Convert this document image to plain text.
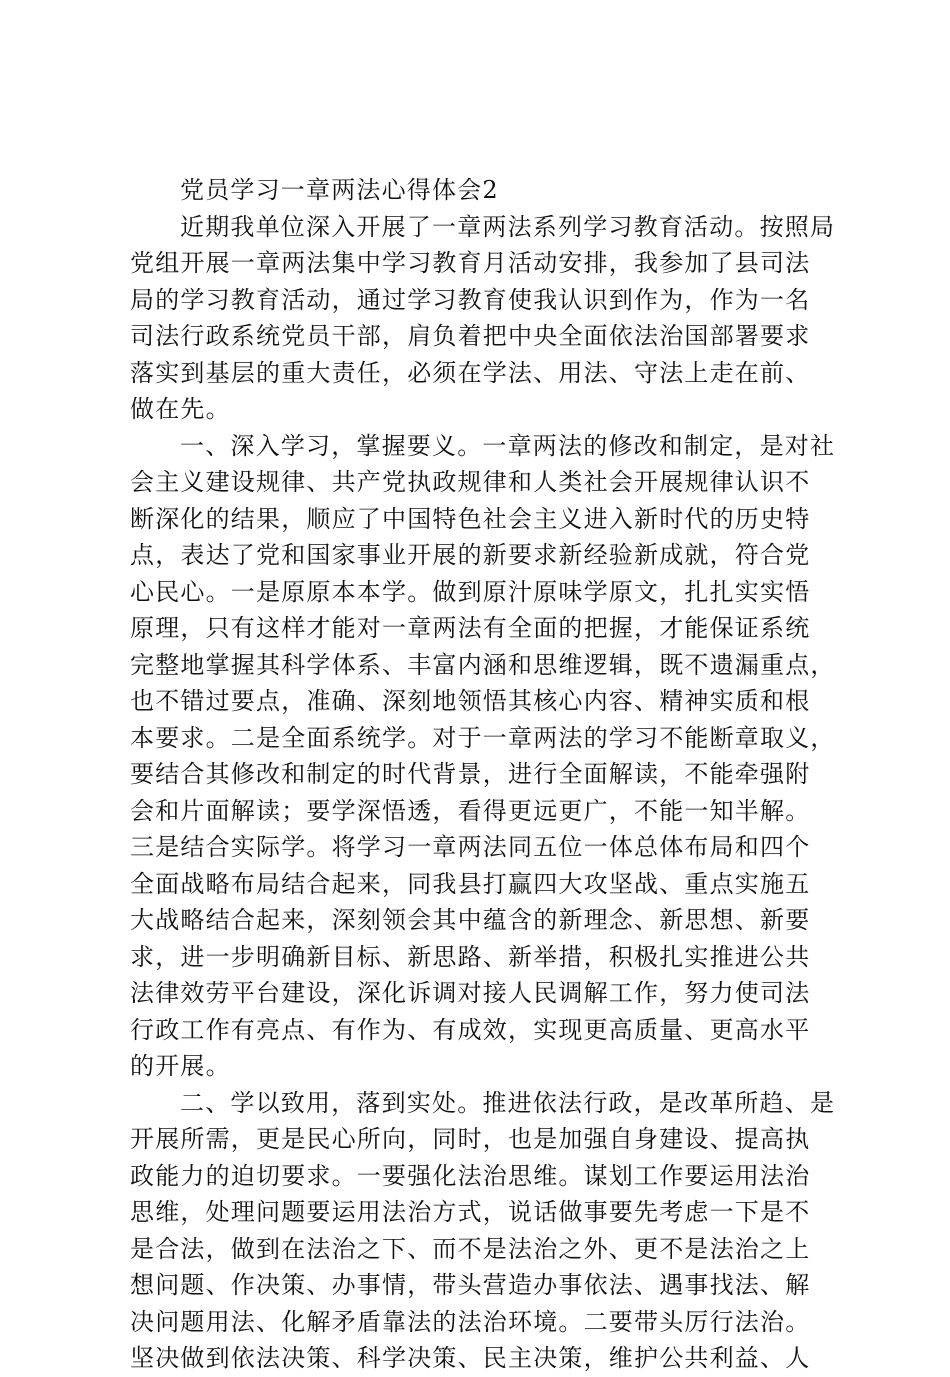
党员学习一章两法心得体会2
近期我单位深入开展了一章两法系列学习教育活动。按照局
党组开展一章两法集中学习教育月活动安排，我参加了县司法
局的学习教育活动，通过学习教育使我认识到作为，作为一名
司法行政系统党员干部，肩负着把中央全面依法治国部署要求
落实到基层的重大责任，必须在学法、用法、守法上走在前、
做在先。
一、深入学习，掌握要义。一章两法的修改和制定，是对社
会主义建设规律、共产党执政规律和人类社会开展规律认识不
断深化的结果，顺应了中国特色社会主义进入新时代的历史特
点，表达了党和国家事业开展的新要求新经验新成就，符合党
心民心。一是原原本本学。做到原汁原味学原文，扎扎实实悟
原理，只有这样才能对一章两法有全面的把握，才能保证系统
完整地掌握其科学体系、丰富内涵和思维逻辑，既不遗漏重点，
也不错过要点，准确、深刻地领悟其核心内容、精神实质和根
本要求。二是全面系统学。对于一章两法的学习不能断章取义，
要结合其修改和制定的时代背景，进行全面解读，不能牵强附
会和片面解读；要学深悟透，看得更远更广，不能一知半解。
三是结合实际学。将学习一章两法同五位一体总体布局和四个
全面战略布局结合起来，同我县打赢四大攻坚战、重点实施五
大战略结合起来，深刻领会其中蕴含的新理念、新思想、新要
求，进一步明确新目标、新思路、新举措，积极扎实推进公共
法律效劳平台建设，深化诉调对接人民调解工作，努力使司法
行政工作有亮点、有作为、有成效，实现更高质量、更高水平
的开展。
二、学以致用，落到实处。推进依法行政，是改革所趋、是
开展所需，更是民心所向，同时，也是加强自身建设、提高执
政能力的迫切要求。一要强化法治思维。谋划工作要运用法治
思维，处理问题要运用法治方式，说话做事要先考虑一下是不
是合法，做到在法治之下、而不是法治之外、更不是法治之上
想问题、作决策、办事情，带头营造办事依法、遇事找法、解
决问题用法、化解矛盾靠法的法治环境。二要带头厉行法治。
坚决做到依法决策、科学决策、民主决策，维护公共利益、人
